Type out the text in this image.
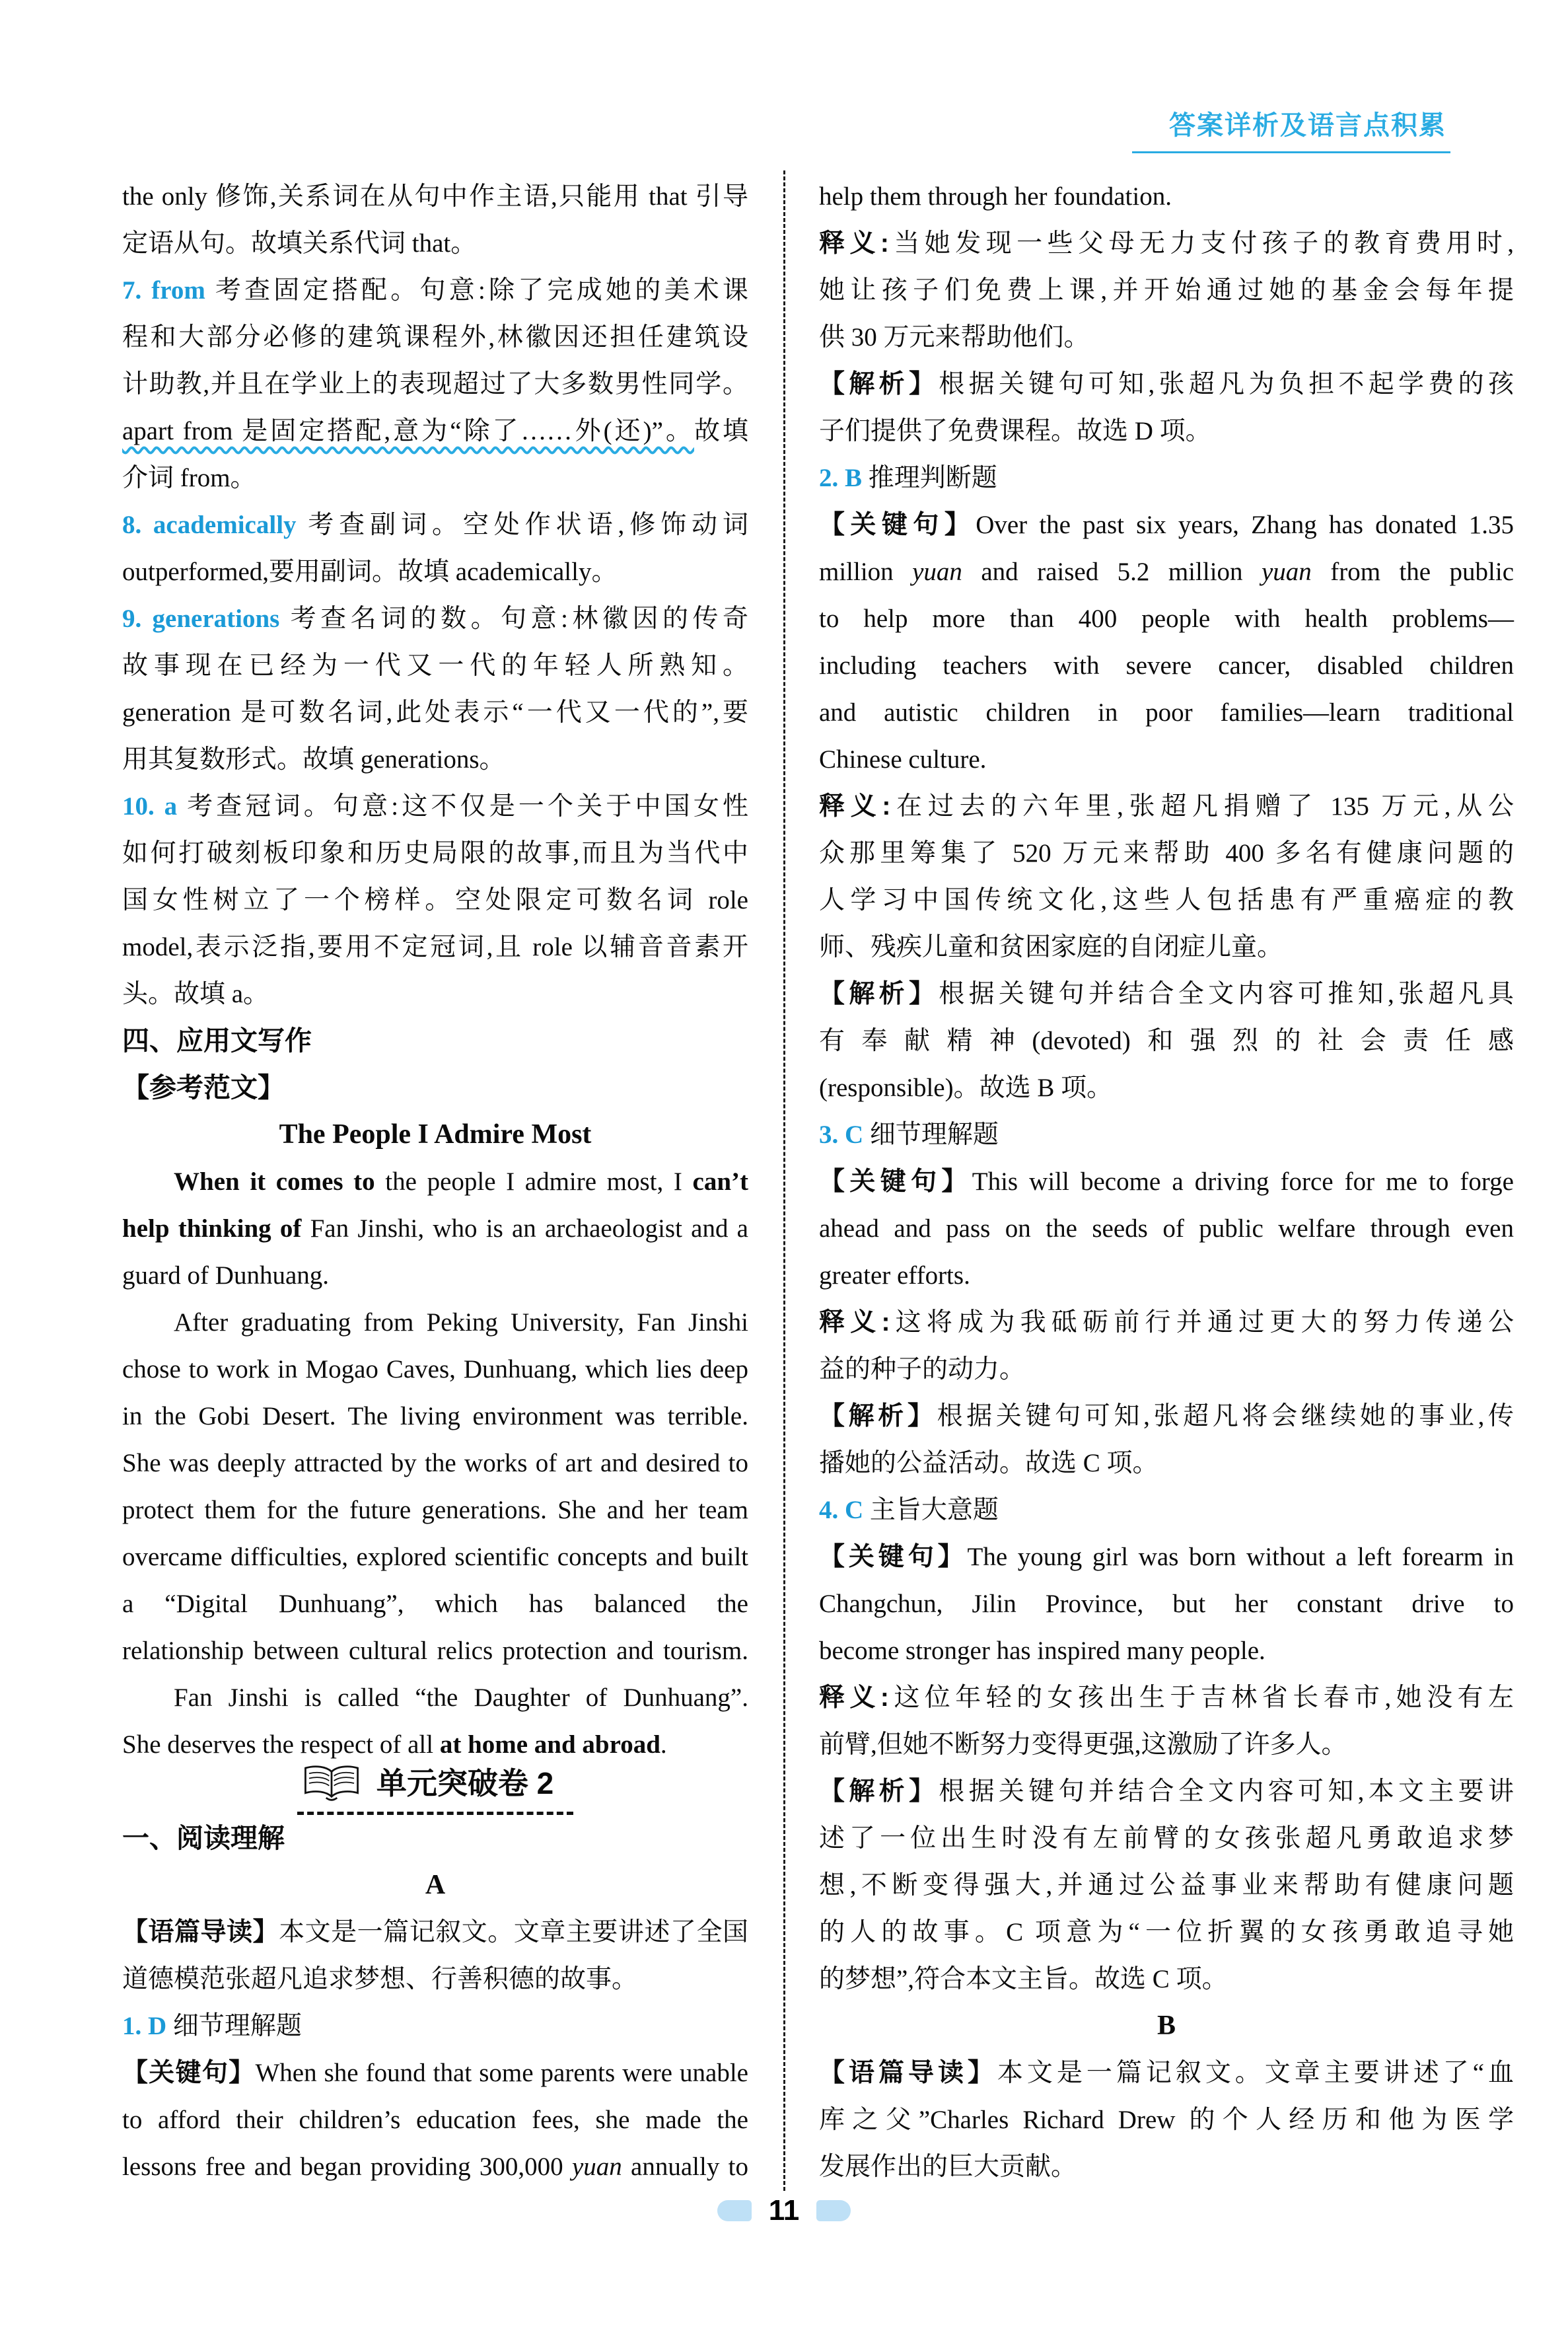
答案详析及语言点积累
the only 修饰,关系词在从句中作主语,只能用 that 引导
定语从句。故填关系代词 that。
7. from 考查固定搭配。句意:除了完成她的美术课
程和大部分必修的建筑课程外,林徽因还担任建筑设
计助教,并且在学业上的表现超过了大多数男性同学。
apart from 是固定搭配,意为“除了……外(还)”。故填
介词 from。
8. academically 考查副词。空处作状语,修饰动词
outperformed,要用副词。故填 academically。
9. generations 考查名词的数。句意:林徽因的传奇
故事现在已经为一代又一代的年轻人所熟知。
generation 是可数名词,此处表示“一代又一代的”,要
用其复数形式。故填 generations。
10. a 考查冠词。句意:这不仅是一个关于中国女性
如何打破刻板印象和历史局限的故事,而且为当代中
国女性树立了一个榜样。空处限定可数名词 role
model,表示泛指,要用不定冠词,且 role 以辅音音素开
头。故填 a。
四、应用文写作
【参考范文】
The People I Admire Most
When it comes to the people I admire most, I can’t
help thinking of Fan Jinshi, who is an archaeologist and a
guard of Dunhuang.
After graduating from Peking University, Fan Jinshi
chose to work in Mogao Caves, Dunhuang, which lies deep
in the Gobi Desert. The living environment was terrible.
She was deeply attracted by the works of art and desired to
protect them for the future generations. She and her team
overcame difficulties, explored scientific concepts and built
a “Digital Dunhuang”, which has balanced the
relationship between cultural relics protection and tourism.
Fan Jinshi is called “the Daughter of Dunhuang”.
She deserves the respect of all at home and abroad.
单元突破卷 2
一、阅读理解
A
【语篇导读】本文是一篇记叙文。文章主要讲述了全国
道德模范张超凡追求梦想、行善积德的故事。
1. D 细节理解题
【关键句】When she found that some parents were unable
to afford their children’s education fees, she made the
lessons free and began providing 300,000 yuan annually to
help them through her foundation.
释义:当她发现一些父母无力支付孩子的教育费用时,
她让孩子们免费上课,并开始通过她的基金会每年提
供 30 万元来帮助他们。
【解析】根据关键句可知,张超凡为负担不起学费的孩
子们提供了免费课程。故选 D 项。
2. B 推理判断题
【关键句】Over the past six years, Zhang has donated 1.35
million yuan and raised 5.2 million yuan from the public
to help more than 400 people with health problems—
including teachers with severe cancer, disabled children
and autistic children in poor families—learn traditional
Chinese culture.
释义:在过去的六年里,张超凡捐赠了 135 万元,从公
众那里筹集了 520 万元来帮助 400 多名有健康问题的
人学习中国传统文化,这些人包括患有严重癌症的教
师、残疾儿童和贫困家庭的自闭症儿童。
【解析】根据关键句并结合全文内容可推知,张超凡具
有奉献精神(devoted)和强烈的社会责任感
(responsible)。故选 B 项。
3. C 细节理解题
【关键句】This will become a driving force for me to forge
ahead and pass on the seeds of public welfare through even
greater efforts.
释义:这将成为我砥砺前行并通过更大的努力传递公
益的种子的动力。
【解析】根据关键句可知,张超凡将会继续她的事业,传
播她的公益活动。故选 C 项。
4. C 主旨大意题
【关键句】The young girl was born without a left forearm in
Changchun, Jilin Province, but her constant drive to
become stronger has inspired many people.
释义:这位年轻的女孩出生于吉林省长春市,她没有左
前臂,但她不断努力变得更强,这激励了许多人。
【解析】根据关键句并结合全文内容可知,本文主要讲
述了一位出生时没有左前臂的女孩张超凡勇敢追求梦
想,不断变得强大,并通过公益事业来帮助有健康问题
的人的故事。C 项意为“一位折翼的女孩勇敢追寻她
的梦想”,符合本文主旨。故选 C 项。
B
【语篇导读】本文是一篇记叙文。文章主要讲述了“血
库之父”Charles Richard Drew 的个人经历和他为医学
发展作出的巨大贡献。
11
